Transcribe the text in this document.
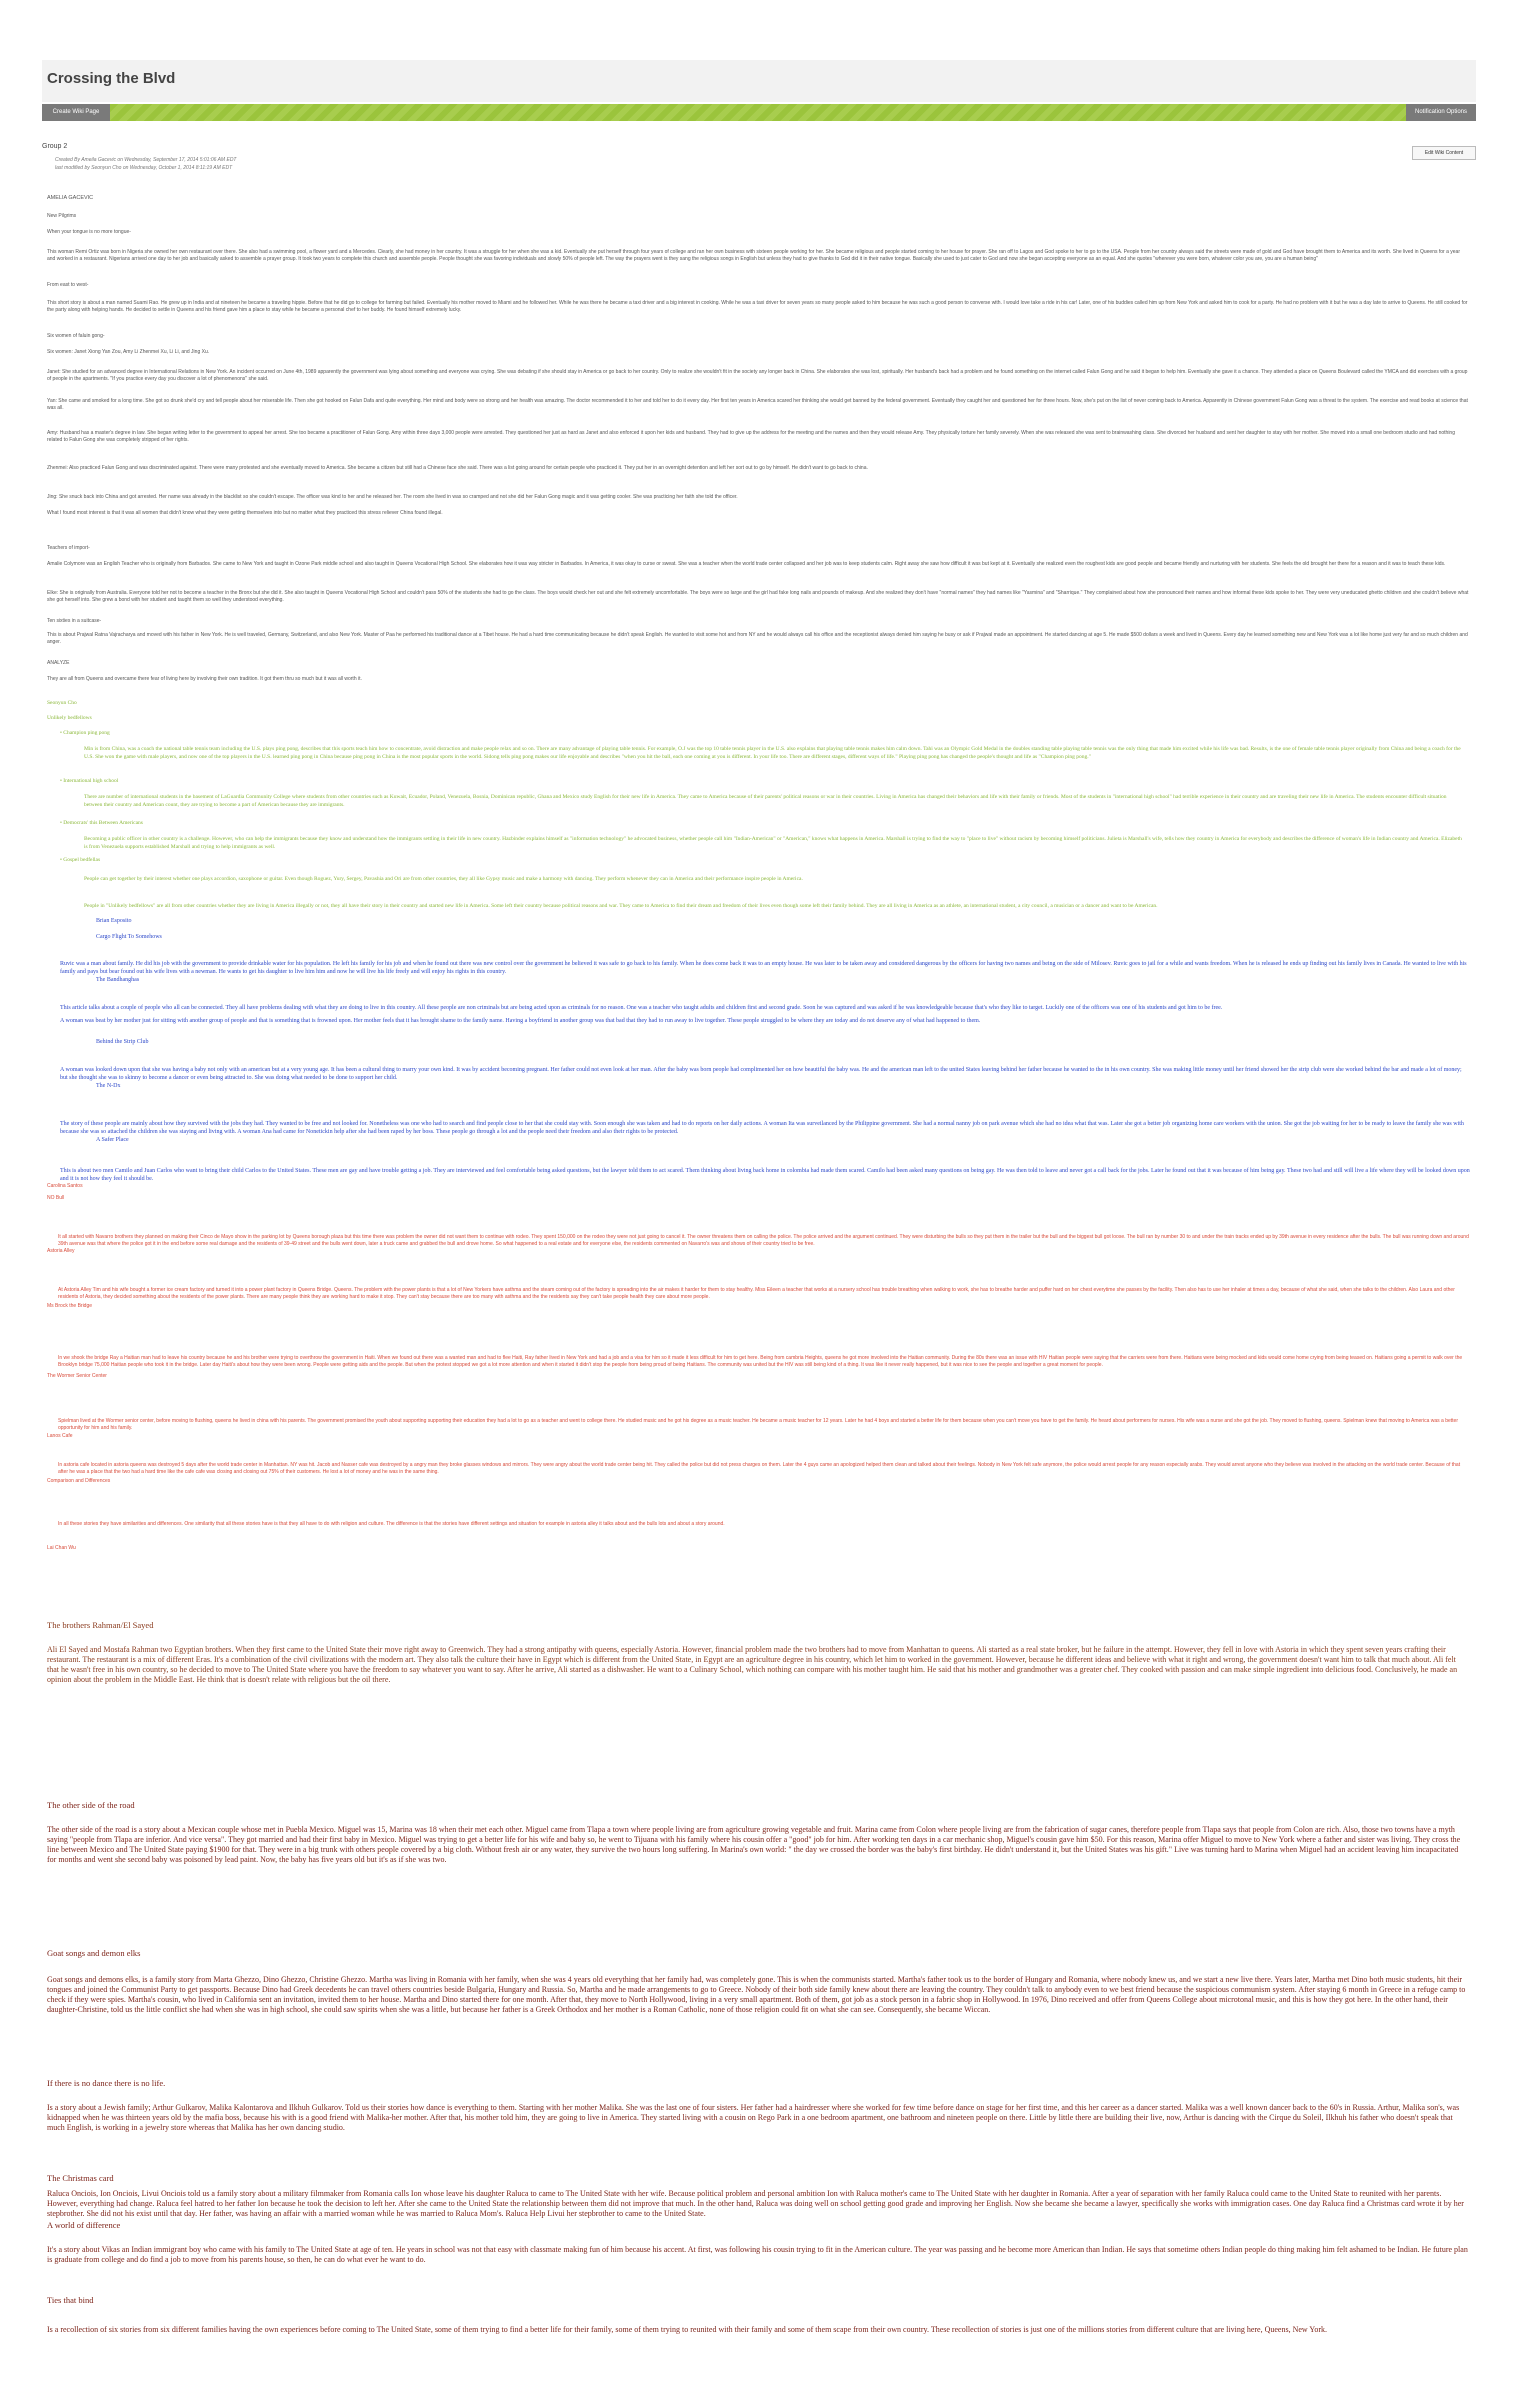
Crossing the Blvd
Create Wiki Page	Notification Options
Group 2
Created By Ameila Gacevic on Wednesday, September 17, 2014 5:01:06 AM EDT
last modified by Seonyun Cho on Wednesday, October 1, 2014 8:11:19 AM EDT
Edit Wiki Content
AMELIA GACEVIC
New Pilgrims
When your tongue is no more tongue-
This woman Remi Ortiz was born in Nigeria she owned her own restaurant over there. She also had a swimming pool, a flower yard and a Mercedes. Clearly, she had money in her country. It was a struggle for her when she was a kid. Eventually she put herself through four years of college and ran her own business with sixteen people working for her. She became religious and people started coming to her house for prayer. She ran off to Lagos and God spoke to her to go to the USA. People from her country always said the streets were made of gold and God have brought them to America and its worth. She lived in Queens for a year and worked in a restaurant. Nigerians arrived one day to her job and basically asked to assemble a prayer group. It took two years to complete this church and assemble people. People thought she was favoring individuals and slowly 50% of people left. The way the prayers went is they sang the religious songs in English but unless they had to give thanks to God did it in their native tongue. Basically she used to just cater to God and now she began accepting everyone as an equal. And she quotes "wherever you were born, whatever color you are, you are a human being"
From east to west-
This short story is about a man named Suami Rao. He grew up in India and at nineteen he became a traveling hippie. Before that he did go to college for farming but failed. Eventually his mother moved to Miami and he followed her. While he was there he became a taxi driver and a big interest in cooking. While he was a taxi driver for seven years so many people asked to him because he was such a good person to converse with. I would love take a ride in his car! Later, one of his buddies called him up from New York and asked him to cook for a party. He had no problem with it but he was a day late to arrive to Queens. He still cooked for the party along with helping hands. He decided to settle in Queens and his friend gave him a place to stay while he became a personal chef to her buddy. He found himself extremely lucky.
Six women of faluin gong-
Six women: Janet Xiong Yan Zou, Amy Li Zhenmei Xu, Li Li, and Jing Xu.
Janet: She studied for an advanced degree in International Relations in New York. An incident occurred on June 4th, 1989 apparently the government was lying about something and everyone was crying. She was debating if she should stay in America or go back to her country. Only to realize she wouldn't fit in the society any longer back in China. She elaborates she was lost, spiritually. Her husband's back had a problem and he found something on the internet called Falun Gong and he said it began to help him. Eventually she gave it a chance. They attended a place on Queens Boulevard called the YMCA and did exercises with a group of people in the apartments. "If you practice every day you discover a lot of phenomenons" she said.
Yan: She came and smoked for a long time. She got so drunk she'd cry and tell people about her miserable life. Then she got hooked on Falun Dafa and quite everything. Her mind and body were so strong and her health was amazing. The doctor recommended it to her and told her to do it every day. Her first ten years in America scared her thinking she would get banned by the federal government. Eventually they caught her and questioned her for three hours. Now, she's put on the list of never coming back to America. Apparently in Chinese government Falun Gong was a threat to the system. The exercise and read books at science that was all.
Amy: Husband has a master's degree in law. She began writing letter to the government to appeal her arrest. She too became a practitioner of Falun Gong. Amy within three days 3,000 people were arrested. They questioned her just as hard as Janet and also enforced it upon her kids and husband. They had to give up the address for the meeting and the names and then they would release Amy. They physically torture her family severely. When she was released she was sent to brainwashing class. She divorced her husband and sent her daughter to stay with her mother. She moved into a small one bedroom studio and had nothing related to Falun Gong she was completely stripped of her rights.
Zhenmei: Also practiced Falun Gong and was discriminated against. There were many protested and she eventually moved to America. She became a citizen but still had a Chinese face she said. There was a list going around for certain people who practiced it. They put her in an overnight detention and left her sort out to go by himself. He didn't want to go back to china.
Jing: She snuck back into China and got arrested. Her name was already in the blacklist so she couldn't escape. The officer was kind to her and he released her. The room she lived in was so cramped and not she did her Falun Gong magic and it was getting cooler. She was practicing her faith she told the officer.
What I found most interest is that it was all women that didn't know what they were getting themselves into but no matter what they practiced this stress reliever China found illegal.
Teachers of import-
Amalie Colymore was an English Teacher who is originally from Barbados. She came to New York and taught in Ozone Park middle school and also taught in Queens Vocational High School. She elaborates how it was way stricter in Barbados. In America, it was okay to curse or sweat. She was a teacher when the world trade center collapsed and her job was to keep students calm. Right away she saw how difficult it was but kept at it. Eventually she realized even the roughest kids are good people and became friendly and nurturing with her students. She feels the old brought her there for a reason and it was to teach these kids.
Elke: She is originally from Australia. Everyone told her not to become a teacher in the Bronx but she did it. She also taught in Queens Vocational High School and couldn't pass 50% of the students she had to go the class. The boys would check her out and she felt extremely uncomfortable. The boys were so large and the girl had fake long nails and pounds of makeup. And she realized they don't have "normal names" they had names like "Yasmina" and "Sharrique." They complained about how she pronounced their names and how informal these kids spoke to her. They were very uneducated ghetto children and she couldn't believe what she got herself into. She grew a bond with her student and taught them so well they understood everything.
Ten sixties in a suitcase-
This is about Prajwal Ratna Vajracharya and moved with his father in New York. He is well traveled, Germany, Switzerland, and also New York. Master of Paa he performed his traditional dance at a Tibet house. He had a hard time communicating because he didn't speak English. He wanted to visit some hot and from NY and he would always call his office and the receptionist always denied him saying he busy or ask if Prajwal made an appointment. He started dancing at age 5. He made $500 dollars a week and lived in Queens. Every day he learned something new and New York was a lot like home just very far and so much children and anger.
ANALYZE
They are all from Queens and overcame there fear of living here by involving their own tradition. It got them thru so much but it was all worth it.
Seonyun Cho
Unlikely bedfellows
• Champion ping pong
Min is from China, was a coach the national table tennis team including the U.S. plays ping pong, describes that this sports teach him how to concentrate, avoid distraction and make people relax and so on. There are many advantage of playing table tennis. For example, O.J was the top 10 table tennis player in the U.S. also explains that playing table tennis makes him calm down. Tahi was an Olympic Gold Medal in the doubles standing table playing table tennis was the only thing that made him excited while his life was bad. Results, is the one of female table tennis player originally from China and being a coach for the U.S. She won the game with male players, and now one of the top players in the U.S. learned ping pong in China because ping pong in China is the most popular sports in the world. Sidong tells ping pong makes our life enjoyable and describes "when you hit the ball, each one coming at you is different. In your life too. There are different stages, different ways of life." Playing ping pong has changed the people's thought and life as "Champion ping pong."
• International high school
There are number of international students in the basement of LaGuardia Community College where students from other countries such as Kuwait, Ecuador, Poland, Venezuela, Bosnia, Dominican republic, Ghana and Mexico study English for their new life in America. They came to America because of their parents' political reasons or war in their countries. Living in America has changed their behaviors and life with their family or friends. Most of the students in "international high school" had terrible experience in their country and are traveling their new life in America. The students encounter difficult situation between their country and American count, they are trying to become a part of American because they are immigrants.
• Democrats' this Between Americans
Becoming a public officer in other country is a challenge. However, who can help the immigrants because they know and understand how the immigrants settling in their life in new country. Hazbinder explains himself as "information technology" he advocated business, whether people call him "Indian-American" or "American," knows what happens in America. Marshall is trying to find the way to "place to live" without racism by becoming himself politicians. Julieta is Marshall's wife, tells how they country in America for everybody and describes the difference of woman's life in Indian country and America. Elizabeth is from Venezuela supports established Marshall and trying to help immigrants as well.
• Gospel bedfellas
People can get together by their interest whether one plays accordion, saxophone or guitar. Even though Roguez, Yury, Sergey, Pavashia and Ori are from other countries, they all like Gypsy music and make a harmony with dancing. They perform whenever they can in America and their performance inspire people in America.
People in "Unlikely bedfellows" are all from other countries whether they are living in America illegally or not, they all have their story in their country and started new life in America. Some left their country because political reasons and war. They came to America to find their dream and freedom of their lives even though some left their family behind. They are all living in America as an athlete, an international student, a city council, a musician or a dancer and want to be American.
Brian Esposito
Cargo Flight To Somehows
Ruvic was a man about family. He did his job with the government to provide drinkable water for his population. He left his family for his job and when he found out there was new control over the government he believed it was safe to go back to his family. When he does come back it was to an empty house. He was later to be taken away and considered dangerous by the officers for having two names and being on the side of Milosev. Ruvic goes to jail for a while and wants freedom. When he is released he ends up finding out his family lives in Canada. He wanted to live with his family and pays but bear found out his wife lives with a newman. He wants to get his daughter to live him him and now he will live his life freely and will enjoy his rights in this country.
The Bandhanghas
This article talks about a couple of people who all can be connected. They all have problems dealing with what they are doing to live in this country. All these people are non criminals but are being acted upon as criminals for no reason. One was a teacher who taught adults and children first and second grade. Soon he was captured and was asked if he was knowledgeable because that's who they like to target. Luckily one of the officers was one of his students and got him to be free.
A woman was beat by her mother just for sitting with another group of people and that is something that is frowned upon. Her mother feels that it has brought shame to the family name. Having a boyfriend in another group was that bad that they had to run away to live together. These people struggled to be where they are today and do not deserve any of what had happened to them.
Behind the Strip Club
A woman was looked down upon that she was having a baby not only with an american but at a very young age. It has been a cultural thing to marry your own kind. It was by accident becoming pregnant. Her father could not even look at her man. After the baby was born people had complimented her on how beautiful the baby was. He and the american man left to the united States leaving behind her father because he wanted to the in his own country. She was making little money until her friend showed her the strip club were she worked behind the bar and made a lot of money; but she thought she was to skinny to become a dancer or even being attracted to. She was doing what needed to be done to support her child.
The N-Dx
The story of these people are mainly about how they survived with the jobs they had. They wanted to be free and not looked for. Nonetheless was one who had to search and find people close to her that she could stay with. Soon enough she was taken and had to do reports on her daily actions. A woman Ita was surveilanced by the Philippine government. She had a normal nanny job on park avenue which she had no idea what that was. Later she got a better job organizing home care workers with the union. She got the job waiting for her to be ready to leave the family she was with because she was so attached the children she was staying and living with. A woman Ana had came for Nonetickin help after she had been raped by her boss. These people go through a lot and the people need their freedom and also their rights to be protected.
A Safer Place
This is about two men Camilo and Juan Carlos who want to bring their child Carlos to the United States. These men are gay and have trouble getting a job. They are interviewed and feel comfortable being asked questions, but the lawyer told them to act scared. Them thinking about living back home in colombia had made them scared. Camilo had been asked many questions on being gay. He was then told to leave and never got a call back for the jobs. Later he found out that it was because of him being gay. These two had and still will live a life where they will be looked down upon and it is not how they feel it should be.
Carolina Santos
NO Bull
It all started with Navarro brothers they planned on making their Cinco de Mayo show in the parking lot by Queens borough plaza but this time there was problem the owner did not want them to continue with rodeo. They spent 150,000 on the rodeo they were not just going to cancel it. The owner threatens them on calling the police. The police arrived and the argument continued. They were disturbing the bulls so they put them in the trailer but the bull and the biggest bull got loose. The bull ran by number 30 to and under the train tracks ended up by 39th avenue in every residence after the bulls. The bull was running down and around 39th avenue was that where the police got it in the end before some real damage and the residents of 39-49 street and the bulls went down, later a truck came and grabbed the bull and drove home. So what happened to a real estate and for everyone else, the residents commented on Navarro's was and shows of their country tried to be free.
Astoria Alley
At Astoria Alley Tim and his wife bought a former ice cream factory and turned it into a power plant factory in Queens Bridge. Queens. The problem with the power plants is that a lot of New Yorkers have asthma and the steam coming out of the factory is spreading into the air makes it harder for them to stay healthy. Miss Eileen a teacher that works at a nursery school has trouble breathing when walking to work, she has to breathe harder and puffer hard on her chest everytime she passes by the facility. Then also has to use her inhaler at times a day, because of what she said, when she talks to the children. Also Laura and other residents of Astoria, they decided something about the residents of the power plants. There are many people think they are working hard to make it stop. They can't stay because there are too many with asthma and the the residents say they can't take people health they care about more people.
Ms Brock the Bridge
In we shook the bridge Ray a Haitian man had to leave his country because he and his brother were trying to overthrow the government in Haiti. When we found out there was a wanted man and had to flee Haiti, Ray father lived in New York and had a job and a visa for him so it made it less difficult for him to get here. Being from cambria Heights, queens he got more involved into the Haitian community. During the 80s there was an issue with HIV Haitian people were saying that the carriers were from there. Haitians were being mocked and kids would come home crying from being teased on. Haitians going a permit to walk over the Brooklyn bridge 75,000 Haitian people who took it in the bridge. Later day Haiti's about how they were been wrong. People were getting aids and the people. But when the protest stopped we got a lot more attention and when it started it didn't stop the people from being proud of being Haitians. The community was united but the HIV was still being kind of a thing. It was like it never really happened, but it was nice to see the people and together a great moment for people.
The Wormer Senior Center
Spielman lived at the Wormer senior center, before moving to flushing, queens he lived in china with his parents. The government promised the youth about supporting supporting their education they had a lot to go as a teacher and went to college there. He studied music and he got his degree as a music teacher. He became a music teacher for 12 years. Later he had 4 boys and started a better life for them because when you can't move you have to get the family. He heard about performers for nurses. His wife was a nurse and she got the job. They moved to flushing, queens. Spielman knew that moving to America was a better opportunity for him and his family.
Lanos Cafe
In astoria cafe located in astoria queens was destroyed 5 days after the world trade center in Manhattan. NY was hit. Jacob and Nasser cafe was destroyed by a angry man they broke glasses windows and mirrors. They were angry about the world trade center being hit. They called the police but did not press charges on them. Later the 4 guys came an apologized helped them clean and talked about their feelings. Nobody in New York felt safe anymore, the police would arrest people for any reason especially arabs. They would arrest anyone who they believe was involved in the attacking on the world trade center. Because of that after he was a place that the two had a hard time like the cafe cafe was closing and closing out 75% of their customers. He lost a lot of money and he was in the same thing.
Comparison and Differences
In all these stories they have similarities and differences. One similarity that all these stories have is that they all have to do with religion and culture. The difference is that the stories have different settings and situation for example in astoria alley it talks about and the bulls lots and about a story around.
Lai Chan Wu
The brothers Rahman/El Sayed
Ali El Sayed and Mostafa Rahman two Egyptian brothers. When they first came to the United State their move right away to Greenwich. They had a strong antipathy with queens, especially Astoria. However, financial problem made the two brothers had to move from Manhattan to queens. Ali started as a real state broker, but he failure in the attempt. However, they fell in love with Astoria in which they spent seven years crafting their restaurant. The restaurant is a mix of different Eras. It's a combination of the civil civilizations with the modern art. They also talk the culture their have in Egypt which is different from the United State, in Egypt are an agriculture degree in his country, which let him to worked in the government. However, because he different ideas and believe with what it right and wrong, the government doesn't want him to talk that much about. Ali felt that he wasn't free in his own country, so he decided to move to The United State where you have the freedom to say whatever you want to say. After he arrive, Ali started as a dishwasher. He want to a Culinary School, which nothing can compare with his mother taught him. He said that his mother and grandmother was a greater chef. They cooked with passion and can make simple ingredient into delicious food. Conclusively, he made an opinion about the problem in the Middle East. He think that is doesn't relate with religious but the oil there.
The other side of the road
The other side of the road is a story about a Mexican couple whose met in Puebla Mexico. Miguel was 15, Marina was 18 when their met each other. Miguel came from Tlapa a town where people living are from agriculture growing vegetable and fruit. Marina came from Colon where people living are from the fabrication of sugar canes, therefore people from Tlapa says that people from Colon are rich. Also, those two towns have a myth saying "people from Tlapa are inferior. And vice versa". They got married and had their first baby in Mexico. Miguel was trying to get a better life for his wife and baby so, he went to Tijuana with his family where his cousin offer a "good" job for him. After working ten days in a car mechanic shop, Miguel's cousin gave him $50. For this reason, Marina offer Miguel to move to New York where a father and sister was living. They cross the line between Mexico and The United State paying $1900 for that. They were in a big trunk with others people covered by a big cloth. Without fresh air or any water, they survive the two hours long suffering. In Marina's own world: " the day we crossed the border was the baby's first birthday. He didn't understand it, but the United States was his gift." Live was turning hard to Marina when Miguel had an accident leaving him incapacitated for months and went she second baby was poisoned by lead paint. Now, the baby has five years old but it's as if she was two.
Goat songs and demon elks
Goat songs and demons elks, is a family story from Marta Ghezzo, Dino Ghezzo, Christine Ghezzo. Martha was living in Romania with her family, when she was 4 years old everything that her family had, was completely gone. This is when the communists started. Martha's father took us to the border of Hungary and Romania, where nobody knew us, and we start a new live there. Years later, Martha met Dino both music students, hit their tongues and joined the Communist Party to get passports. Because Dino had Greek decedents he can travel others countries beside Bulgaria, Hungary and Russia. So, Martha and he made arrangements to go to Greece. Nobody of their both side family knew about there are leaving the country. They couldn't talk to anybody even to we best friend because the suspicious communism system. After staying 6 month in Greece in a refuge camp to check if they were spies. Martha's cousin, who lived in California sent an invitation, invited them to her house. Martha and Dino started there for one month. After that, they move to North Hollywood, living in a very small apartment. Both of them, got job as a stock person in a fabric shop in Hollywood. In 1976, Dino received and offer from Queens College about microtonal music, and this is how they got here. In the other hand, their daughter-Christine, told us the little conflict she had when she was in high school, she could saw spirits when she was a little, but because her father is a Greek Orthodox and her mother is a Roman Catholic, none of those religion could fit on what she can see. Consequently, she became Wiccan.
If there is no dance there is no life.
Is a story about a Jewish family; Arthur Gulkarov, Malika Kalontarova and Ilkhuh Gulkarov. Told us their stories how dance is everything to them. Starting with her mother Malika. She was the last one of four sisters. Her father had a hairdresser where she worked for few time before dance on stage for her first time, and this her career as a dancer started. Malika was a well known dancer back to the 60's in Russia. Arthur, Malika son's, was kidnapped when he was thirteen years old by the mafia boss, because his with is a good friend with Malika-her mother. After that, his mother told him, they are going to live in America. They started living with a cousin on Rego Park in a one bedroom apartment, one bathroom and nineteen people on there. Little by little there are building their live, now, Arthur is dancing with the Cirque du Soleil, Ilkhuh his father who doesn't speak that much English, is working in a jewelry store whereas that Malika has her own dancing studio.
The Christmas card
Raluca Onciois, Ion Onciois, Livui Onciois told us a family story about a military filmmaker from Romania calls Ion whose leave his daughter Raluca to came to The United State with her wife. Because political problem and personal ambition Ion with Raluca mother's came to The United State with her daughter in Romania. After a year of separation with her family Raluca could came to the United State to reunited with her parents. However, everything had change. Raluca feel hatred to her father Ion because he took the decision to left her. After she came to the United State the relationship between them did not improve that much. In the other hand, Raluca was doing well on school getting good grade and improving her English. Now she became she became a lawyer, specifically she works with immigration cases. One day Raluca find a Christmas card wrote it by her stepbrother. She did not his exist until that day. Her father, was having an affair with a married woman while he was married to Raluca Mom's. Raluca Help Livui her stepbrother to came to the United State.
A world of difference
It's a story about Vikas an Indian immigrant boy who came with his family to The United State at age of ten. He years in school was not that easy with classmate making fun of him because his accent. At first, was following his cousin trying to fit in the American culture. The year was passing and he become more American than Indian. He says that sometime others Indian people do thing making him felt ashamed to be Indian. He future plan is graduate from college and do find a job to move from his parents house, so then, he can do what ever he want to do.
Ties that bind
Is a recollection of six stories from six different families having the own experiences before coming to The United State, some of them trying to find a better life for their family, some of them trying to reunited with their family and some of them scape from their own country. These recollection of stories is just one of the millions stories from different culture that are living here, Queens, New York.
